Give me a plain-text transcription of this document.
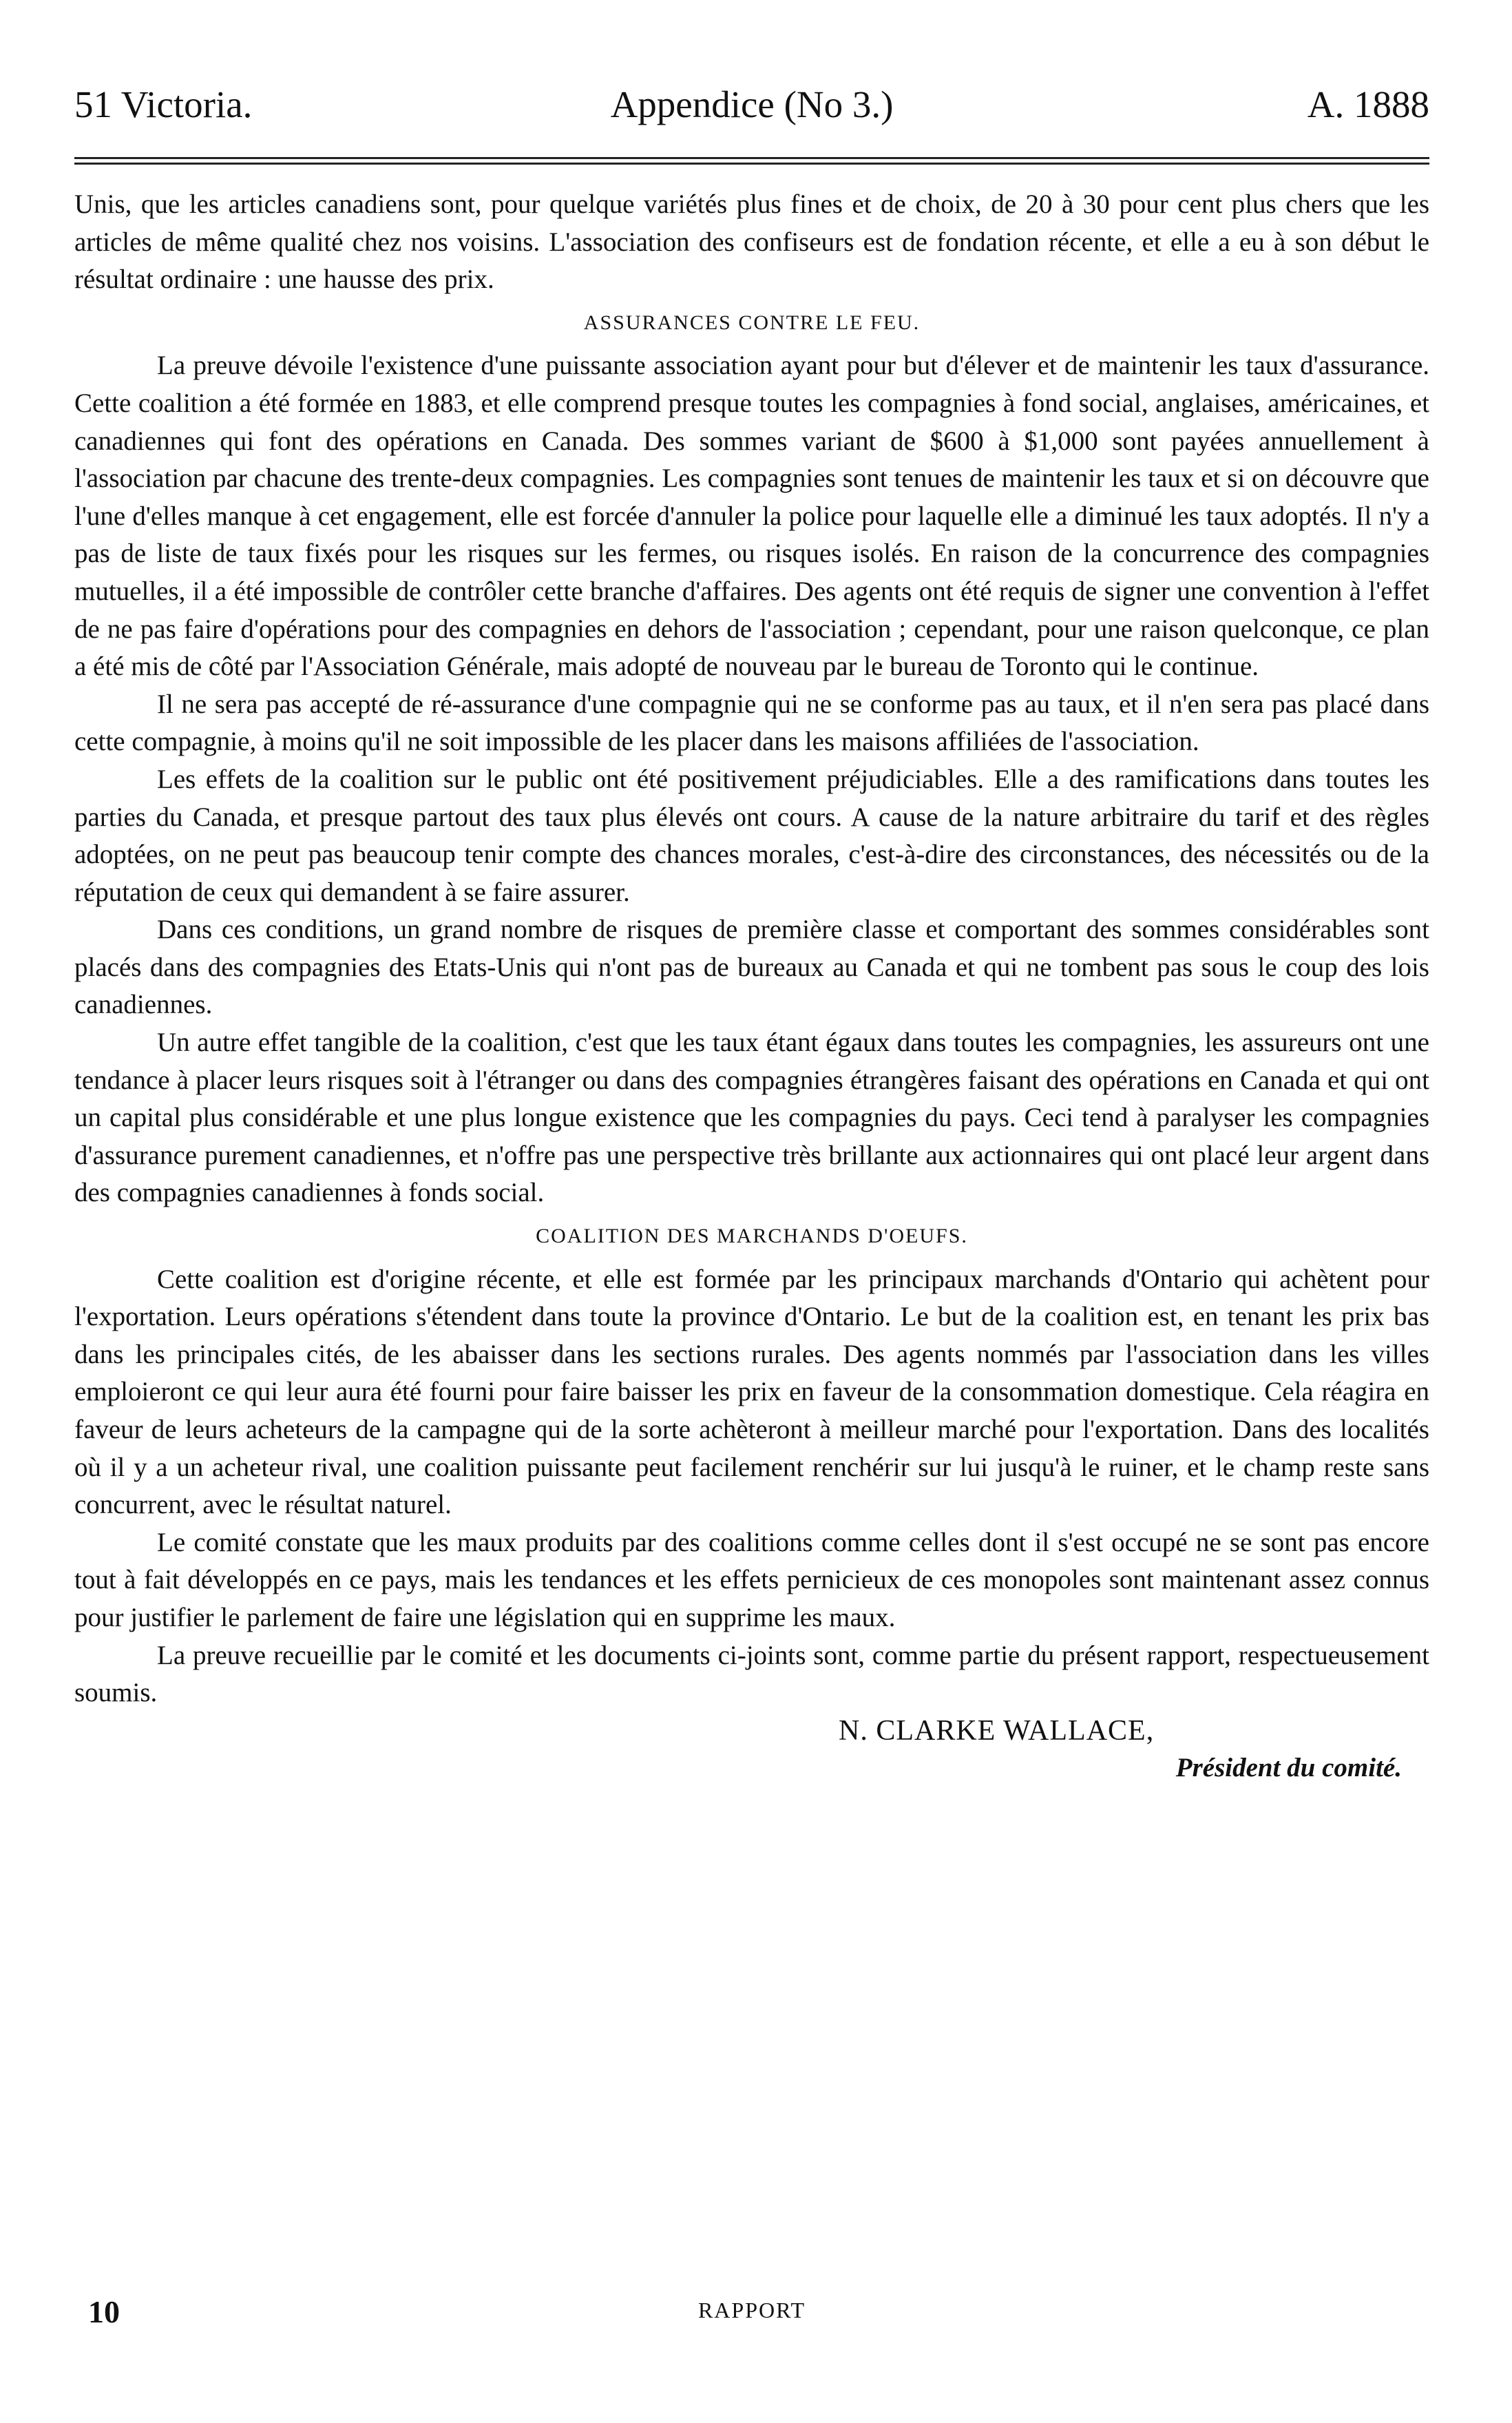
51 Victoria.	Appendice (No 3.)	A. 1888

Unis, que les articles canadiens sont, pour quelque variétés plus fines et de choix, de 20 à 30 pour cent plus chers que les articles de même qualité chez nos voisins. L'association des confiseurs est de fondation récente, et elle a eu à son début le résultat ordinaire : une hausse des prix.

ASSURANCES CONTRE LE FEU.

La preuve dévoile l'existence d'une puissante association ayant pour but d'élever et de maintenir les taux d'assurance. Cette coalition a été formée en 1883, et elle comprend presque toutes les compagnies à fond social, anglaises, américaines, et canadiennes qui font des opérations en Canada. Des sommes variant de $600 à $1,000 sont payées annuellement à l'association par chacune des trente-deux compagnies. Les compagnies sont tenues de maintenir les taux et si on découvre que l'une d'elles manque à cet engagement, elle est forcée d'annuler la police pour laquelle elle a diminué les taux adoptés. Il n'y a pas de liste de taux fixés pour les risques sur les fermes, ou risques isolés. En raison de la concurrence des compagnies mutuelles, il a été impossible de contrôler cette branche d'affaires. Des agents ont été requis de signer une convention à l'effet de ne pas faire d'opérations pour des compagnies en dehors de l'association ; cependant, pour une raison quelconque, ce plan a été mis de côté par l'Association Générale, mais adopté de nouveau par le bureau de Toronto qui le continue.

Il ne sera pas accepté de ré-assurance d'une compagnie qui ne se conforme pas au taux, et il n'en sera pas placé dans cette compagnie, à moins qu'il ne soit impossible de les placer dans les maisons affiliées de l'association.

Les effets de la coalition sur le public ont été positivement préjudiciables. Elle a des ramifications dans toutes les parties du Canada, et presque partout des taux plus élevés ont cours. A cause de la nature arbitraire du tarif et des règles adoptées, on ne peut pas beaucoup tenir compte des chances morales, c'est-à-dire des circonstances, des nécessités ou de la réputation de ceux qui demandent à se faire assurer.

Dans ces conditions, un grand nombre de risques de première classe et comportant des sommes considérables sont placés dans des compagnies des Etats-Unis qui n'ont pas de bureaux au Canada et qui ne tombent pas sous le coup des lois canadiennes.

Un autre effet tangible de la coalition, c'est que les taux étant égaux dans toutes les compagnies, les assureurs ont une tendance à placer leurs risques soit à l'étranger ou dans des compagnies étrangères faisant des opérations en Canada et qui ont un capital plus considérable et une plus longue existence que les compagnies du pays. Ceci tend à paralyser les compagnies d'assurance purement canadiennes, et n'offre pas une perspective très brillante aux actionnaires qui ont placé leur argent dans des compagnies canadiennes à fonds social.

COALITION DES MARCHANDS D'OEUFS.

Cette coalition est d'origine récente, et elle est formée par les principaux marchands d'Ontario qui achètent pour l'exportation. Leurs opérations s'étendent dans toute la province d'Ontario. Le but de la coalition est, en tenant les prix bas dans les principales cités, de les abaisser dans les sections rurales. Des agents nommés par l'association dans les villes emploieront ce qui leur aura été fourni pour faire baisser les prix en faveur de la consommation domestique. Cela réagira en faveur de leurs acheteurs de la campagne qui de la sorte achèteront à meilleur marché pour l'exportation. Dans des localités où il y a un acheteur rival, une coalition puissante peut facilement renchérir sur lui jusqu'à le ruiner, et le champ reste sans concurrent, avec le résultat naturel.

Le comité constate que les maux produits par des coalitions comme celles dont il s'est occupé ne se sont pas encore tout à fait développés en ce pays, mais les tendances et les effets pernicieux de ces monopoles sont maintenant assez connus pour justifier le parlement de faire une législation qui en supprime les maux.

La preuve recueillie par le comité et les documents ci-joints sont, comme partie du présent rapport, respectueusement soumis.

N. CLARKE WALLACE,
Président du comité.
10	RAPPORT
